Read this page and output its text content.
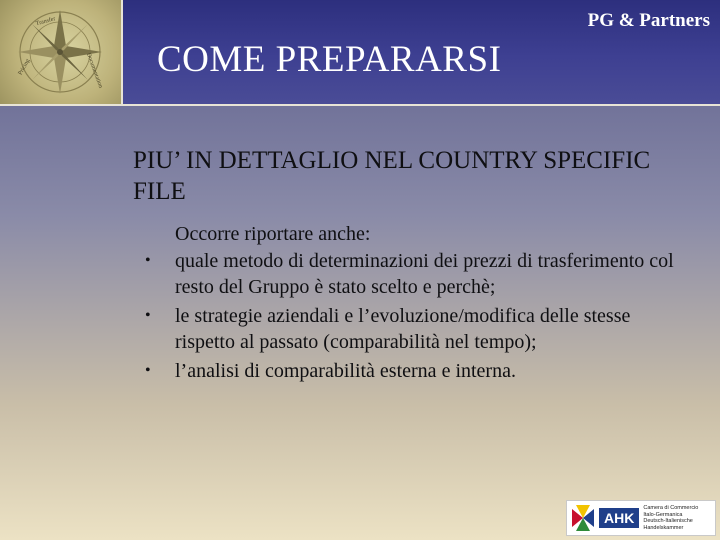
Transfer
Pricing	Documentation COME PREPARARSI
PG & Partners
PIU’ IN DETTAGLIO NEL COUNTRY SPECIFIC FILE
Occorre riportare anche:
• quale metodo di determinazioni dei prezzi di trasferimento col resto del Gruppo è stato scelto e perchè;
• le strategie aziendali e l’evoluzione/modifica delle stesse rispetto al passato (comparabilità nel tempo);
• l’analisi di comparabilità esterna e interna.
AHK
Camera di Commercio
Italo-Germanica
Deutsch-Italienische
Handelskammer
